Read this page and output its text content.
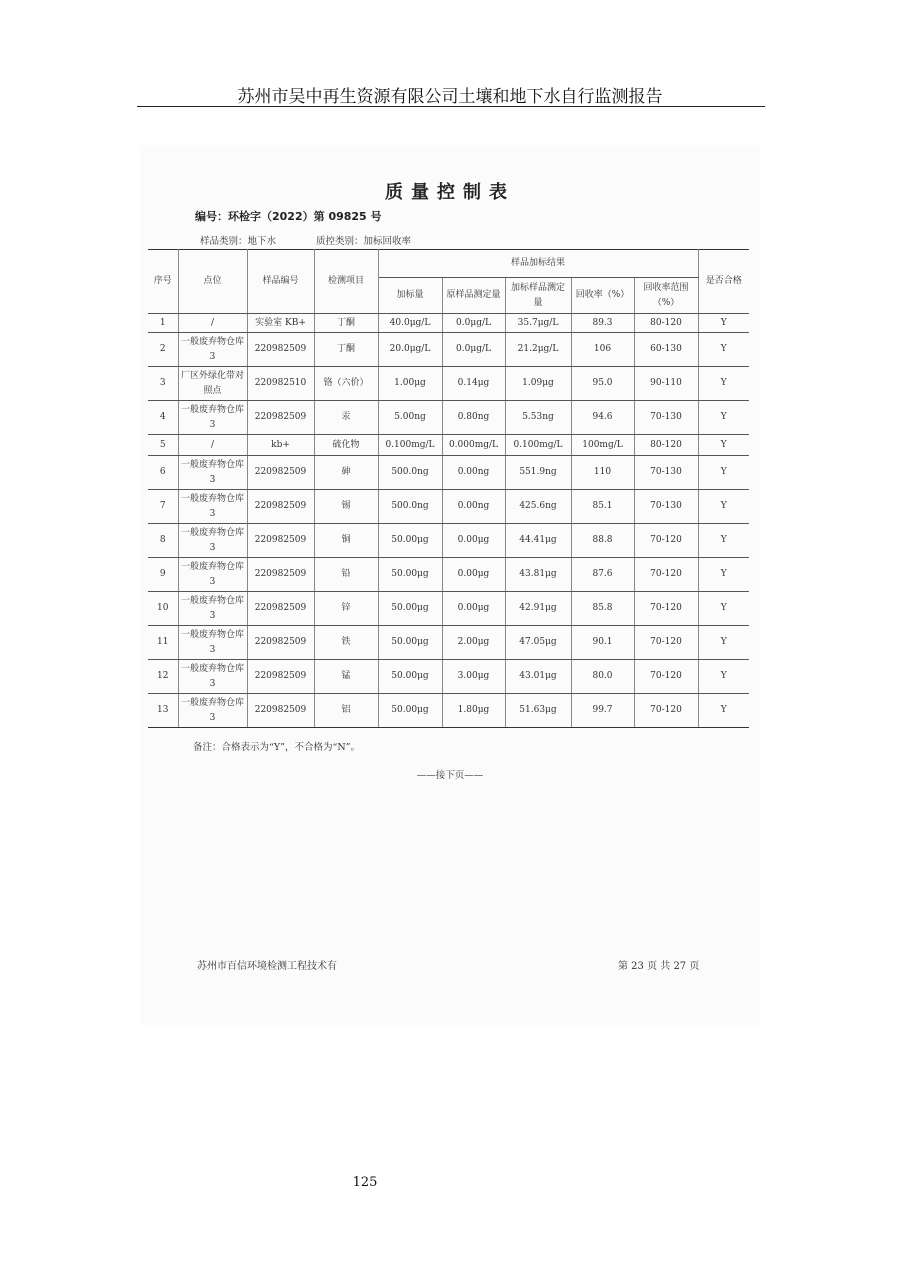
苏州市吴中再生资源有限公司土壤和地下水自行监测报告
质量控制表
编号：环检字（2022）第 09825 号
样品类别：地下水	质控类别：加标回收率
序号	点位	样品编号	检测项目	样品加标结果					是否合格
				加标量	原样品测定量	加标样品测定量	回收率（%）	回收率范围（%）	
1	/	实验室 KB+	丁酮	40.0μg/L	0.0μg/L	35.7μg/L	89.3	80-120	Y
2	一般废弃物仓库 3	220982509	丁酮	20.0μg/L	0.0μg/L	21.2μg/L	106	60-130	Y
3	厂区外绿化带对照点	220982510	铬（六价）	1.00μg	0.14μg	1.09μg	95.0	90-110	Y
4	一般废弃物仓库 3	220982509	汞	5.00ng	0.80ng	5.53ng	94.6	70-130	Y
5	/	kb+	硫化物	0.100mg/L	0.000mg/L	0.100mg/L	100mg/L	80-120	Y
6	一般废弃物仓库 3	220982509	砷	500.0ng	0.00ng	551.9ng	110	70-130	Y
7	一般废弃物仓库 3	220982509	锡	500.0ng	0.00ng	425.6ng	85.1	70-130	Y
8	一般废弃物仓库 3	220982509	铜	50.00μg	0.00μg	44.41μg	88.8	70-120	Y
9	一般废弃物仓库 3	220982509	铅	50.00μg	0.00μg	43.81μg	87.6	70-120	Y
10	一般废弃物仓库 3	220982509	锌	50.00μg	0.00μg	42.91μg	85.8	70-120	Y
11	一般废弃物仓库 3	220982509	铁	50.00μg	2.00μg	47.05μg	90.1	70-120	Y
12	一般废弃物仓库 3	220982509	锰	50.00μg	3.00μg	43.01μg	80.0	70-120	Y
13	一般废弃物仓库 3	220982509	铝	50.00μg	1.80μg	51.63μg	99.7	70-120	Y
备注：合格表示为“Y”，不合格为“N”。
——接下页——
苏州市百信环境检测工程技术有	第 23 页 共 27 页
125
